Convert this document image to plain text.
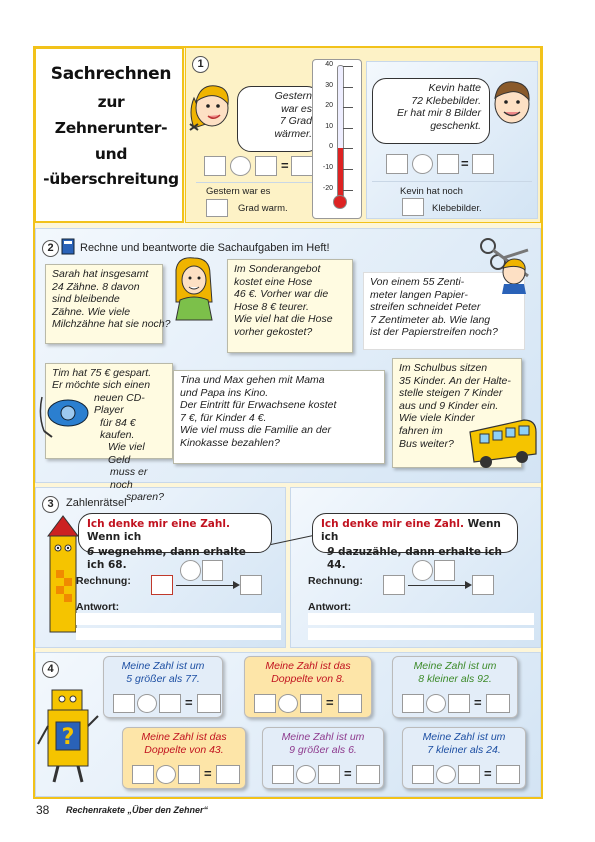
Sachrechnen
zur
Zehnerunter-
und
-überschreitung
1
Gestern
war es
7 Grad
wärmer.
=
Gestern war es
Grad warm.
40
30
20
10
0
-10
-20
Kevin hatte
72 Klebebilder.
Er hat mir 8 Bilder
geschenkt.
=
Kevin hat noch
Klebebilder.
2	Rechne und beantworte die Sachaufgaben im Heft!
Sarah hat insgesamt
24 Zähne. 8 davon
sind bleibende
Zähne. Wie viele
Milchzähne hat sie noch?
Im Sonderangebot
kostet eine Hose
46 €. Vorher war die
Hose 8 € teurer.
Wie viel hat die Hose
vorher gekostet?
Von einem 55 Zenti-
meter langen Papier-
streifen schneidet Peter
7 Zentimeter ab. Wie lang
ist der Papierstreifen noch?
Tim hat 75 € gespart.
Er möchte sich einen
neuen CD-Player
für 84 € kaufen.
Wie viel Geld
muss er noch
sparen?
Tina und Max gehen mit Mama
und Papa ins Kino.
Der Eintritt für Erwachsene kostet
7 €, für Kinder 4 €.
Wie viel muss die Familie an der
Kinokasse bezahlen?
Im Schulbus sitzen
35 Kinder. An der Halte-
stelle steigen 7 Kinder
aus und 9 Kinder ein.
Wie viele Kinder
fahren im
Bus weiter?
3	Zahlenrätsel
Ich denke mir eine Zahl. Wenn ich
6 wegnehme, dann erhalte ich 68.
Rechnung:
Antwort:
Ich denke mir eine Zahl. Wenn ich
9 dazuzähle, dann erhalte ich 44.
Rechnung:
Antwort:
4
?
Meine Zahl ist um
5 größer als 77.
=
Meine Zahl ist das
Doppelte von 8.
=
Meine Zahl ist um
8 kleiner als 92.
=
Meine Zahl ist das
Doppelte von 43.
=
Meine Zahl ist um
9 größer als 6.
=
Meine Zahl ist um
7 kleiner als 24.
=
38 Rechenrakete „Über den Zehner“
